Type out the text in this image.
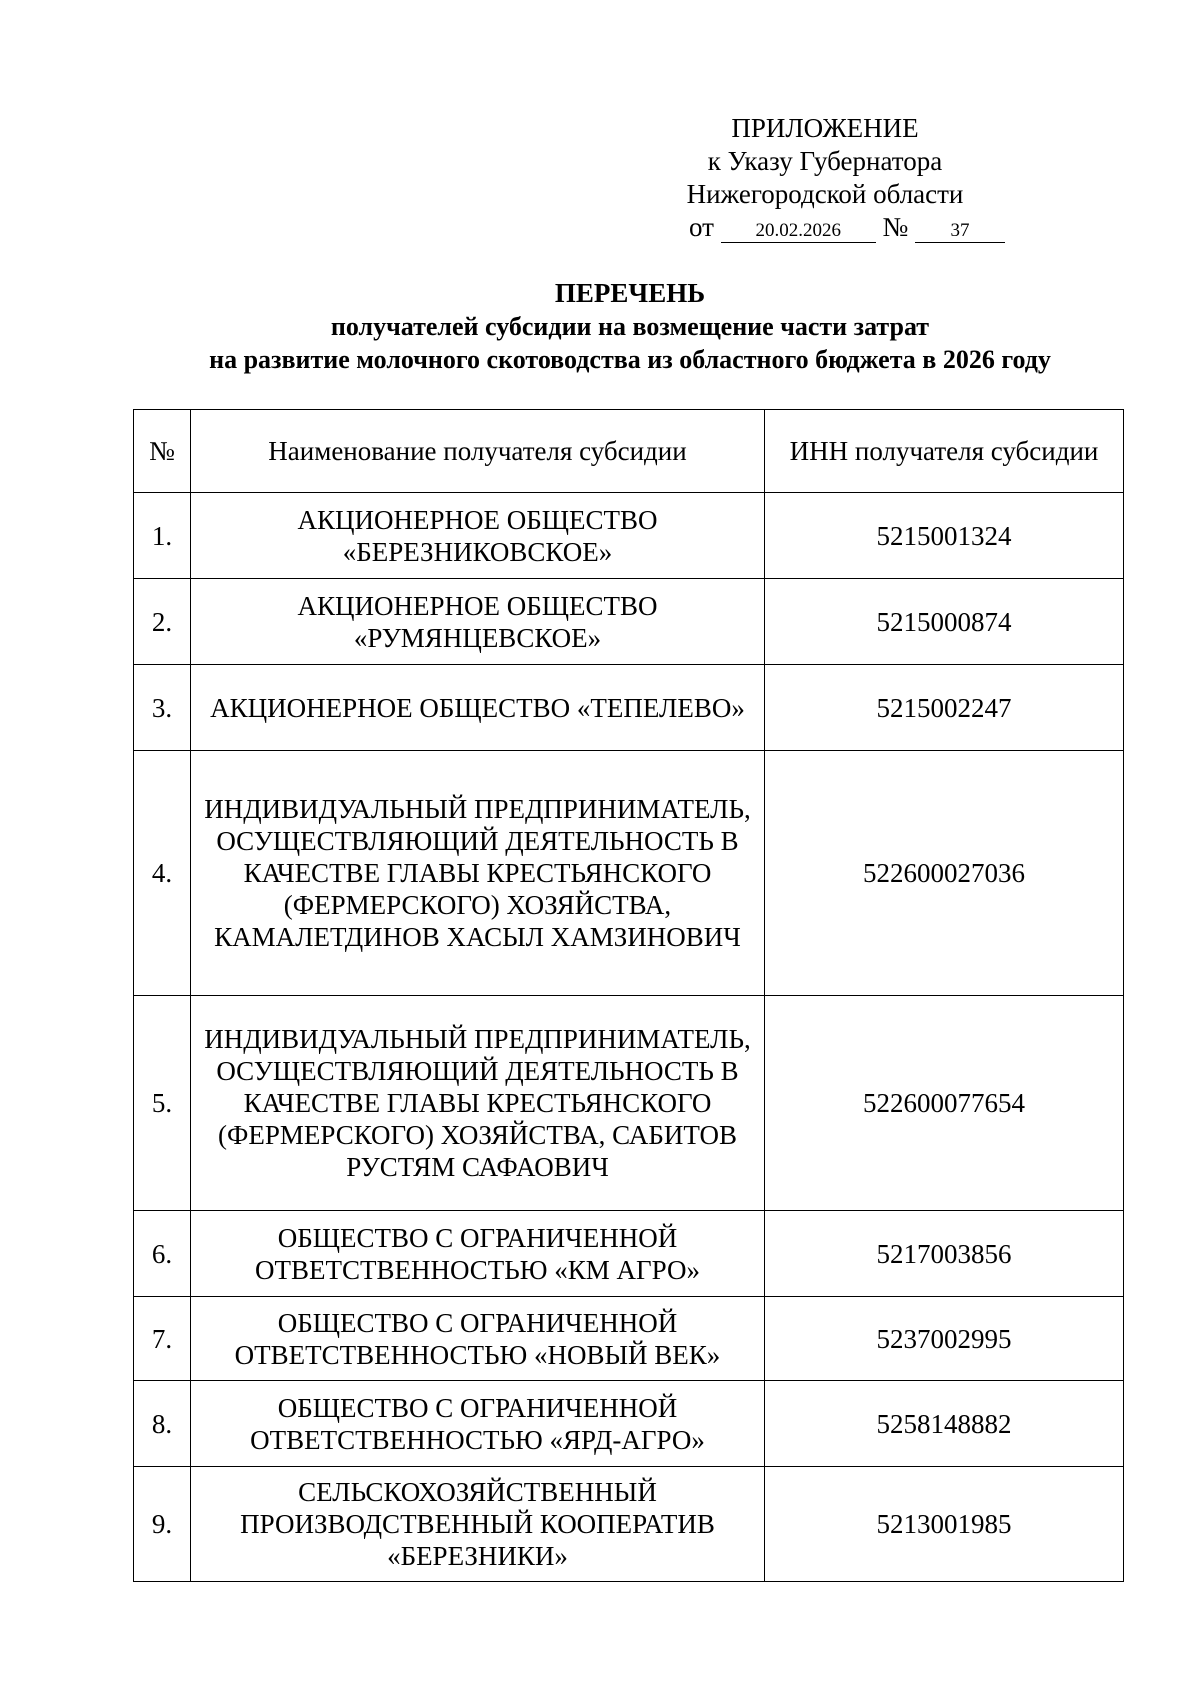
ПРИЛОЖЕНИЕ
к Указу Губернатора
Нижегородской области
от 20.02.2026 № 37
ПЕРЕЧЕНЬ
получателей субсидии на возмещение части затрат
на развитие молочного скотоводства из областного бюджета в 2026 году
№	Наименование получателя субсидии	ИНН получателя субсидии
1.	АКЦИОНЕРНОЕ ОБЩЕСТВО «БЕРЕЗНИКОВСКОЕ»	5215001324
2.	АКЦИОНЕРНОЕ ОБЩЕСТВО «РУМЯНЦЕВСКОЕ»	5215000874
3.	АКЦИОНЕРНОЕ ОБЩЕСТВО «ТЕПЕЛЕВО»	5215002247
4.	ИНДИВИДУАЛЬНЫЙ ПРЕДПРИНИМАТЕЛЬ, ОСУЩЕСТВЛЯЮЩИЙ ДЕЯТЕЛЬНОСТЬ В КАЧЕСТВЕ ГЛАВЫ КРЕСТЬЯНСКОГО (ФЕРМЕРСКОГО) ХОЗЯЙСТВА, КАМАЛЕТДИНОВ ХАСЫЛ ХАМЗИНОВИЧ	522600027036
5.	ИНДИВИДУАЛЬНЫЙ ПРЕДПРИНИМАТЕЛЬ, ОСУЩЕСТВЛЯЮЩИЙ ДЕЯТЕЛЬНОСТЬ В КАЧЕСТВЕ ГЛАВЫ КРЕСТЬЯНСКОГО (ФЕРМЕРСКОГО) ХОЗЯЙСТВА, САБИТОВ РУСТЯМ САФАОВИЧ	522600077654
6.	ОБЩЕСТВО С ОГРАНИЧЕННОЙ ОТВЕТСТВЕННОСТЬЮ «КМ АГРО»	5217003856
7.	ОБЩЕСТВО С ОГРАНИЧЕННОЙ ОТВЕТСТВЕННОСТЬЮ «НОВЫЙ ВЕК»	5237002995
8.	ОБЩЕСТВО С ОГРАНИЧЕННОЙ ОТВЕТСТВЕННОСТЬЮ «ЯРД-АГРО»	5258148882
9.	СЕЛЬСКОХОЗЯЙСТВЕННЫЙ ПРОИЗВОДСТВЕННЫЙ КООПЕРАТИВ «БЕРЕЗНИКИ»	5213001985
